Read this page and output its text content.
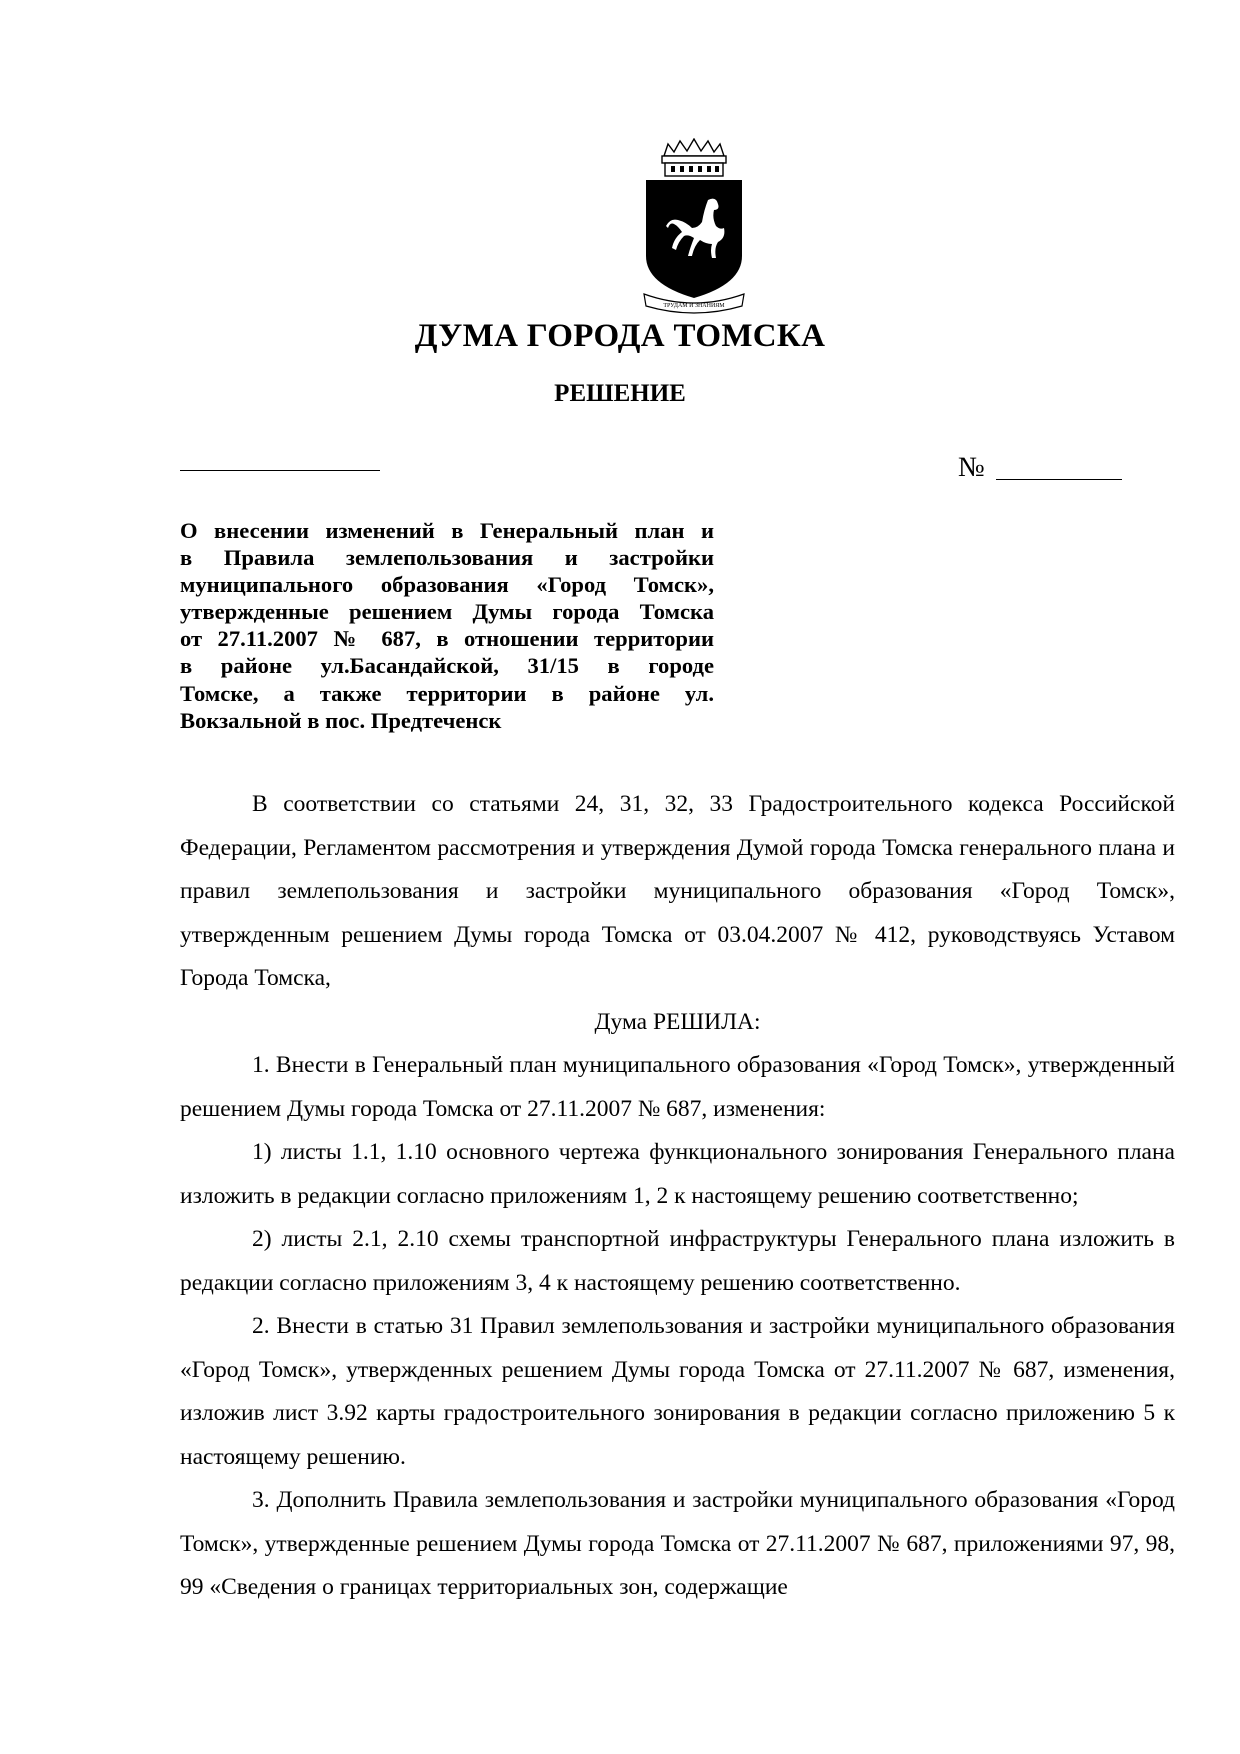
ТРУДАМ И ЗНАНИЯМ
ДУМА ГОРОДА ТОМСКА
РЕШЕНИЕ
№
О внесении изменений в Генеральный план и
в Правила землепользования и застройки
муниципального образования «Город Томск»,
утвержденные решением Думы города Томска
от 27.11.2007 № 687, в отношении территории
в районе ул.Басандайской, 31/15 в городе
Томске, а также территории в районе ул.
Вокзальной в пос. Предтеченск

В соответствии со статьями 24, 31, 32, 33 Градостроительного кодекса Российской Федерации, Регламентом рассмотрения и утверждения Думой города Томска генерального плана и правил землепользования и застройки муниципального образования «Город Томск», утвержденным решением Думы города Томска от 03.04.2007 № 412, руководствуясь Уставом Города Томска,

Дума РЕШИЛА:

1. Внести в Генеральный план муниципального образования «Город Томск», утвержденный решением Думы города Томска от 27.11.2007 № 687, изменения:

1) листы 1.1, 1.10 основного чертежа функционального зонирования Генерального плана изложить в редакции согласно приложениям 1, 2 к настоящему решению соответственно;

2) листы 2.1, 2.10 схемы транспортной инфраструктуры Генерального плана изложить в редакции согласно приложениям 3, 4 к настоящему решению соответственно.

2. Внести в статью 31 Правил землепользования и застройки муниципального образования «Город Томск», утвержденных решением Думы города Томска от 27.11.2007 № 687, изменения, изложив лист 3.92 карты градостроительного зонирования в редакции согласно приложению 5 к настоящему решению.

3. Дополнить Правила землепользования и застройки муниципального образования «Город Томск», утвержденные решением Думы города Томска от 27.11.2007 № 687, приложениями 97, 98, 99 «Сведения о границах территориальных зон, содержащие
